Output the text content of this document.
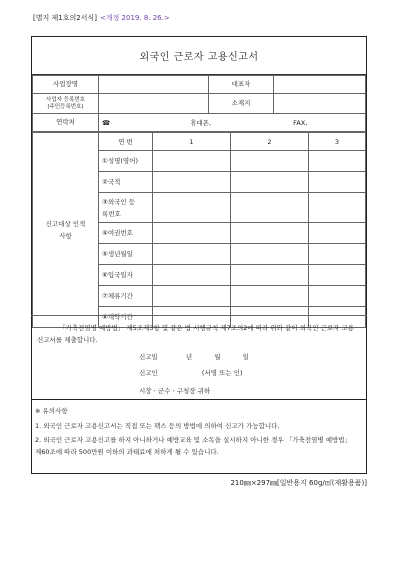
[별지 제1호의2서식] <개정 2019. 8. 26.>
외국인 근로자 고용신고서
사업장명		대표자	

사업자 등록번호
(주민등록번호)		소재지	
연락처	☎ 휴대폰, FAX,		
신고대상 인적
사항	연 번	1	2	3
	①성명(영어)			
	②국적			

	③외국인 등
록번호			

	④여권번호			
	⑤생년월일			
	⑥입국일자			
	⑦체류기간			
	⑧계약기간			
「가축전염병 예방법」 제5조제3항 및 같은 법 시행규칙 제7조의2에 따라 위와 같이 외국인 근로자 고용신고서를 제출합니다.
신고일	년	월	일
신고인	(서명 또는 인)
시장ㆍ군수ㆍ구청장 귀하
※ 유의사항
1. 외국인 근로자 고용신고서는 직접 또는 팩스 등의 방법에 의하여 신고가 가능합니다.
2. 외국인 근로자 고용신고를 하지 아니하거나 예방교육 및 소독을 실시하지 아니한 경우 「가축전염병 예방법」 제60조에 따라 500만원 이하의 과태료에 처하게 될 수 있습니다.
210㎜×297㎜[일반용지 60g/㎡(재활용품)]
